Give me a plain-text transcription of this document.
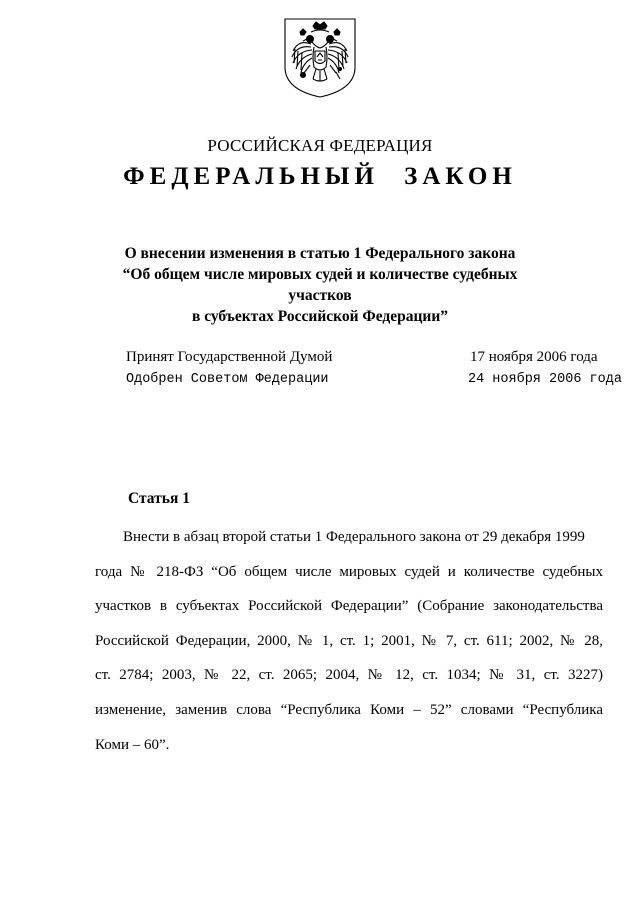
РОССИЙСКАЯ ФЕДЕРАЦИЯ
ФЕДЕРАЛЬНЫЙ ЗАКОН
О внесении изменения в статью 1 Федерального закона
“Об общем числе мировых судей и количестве судебных участков
в субъектах Российской Федерации”
Принят Государственной Думой	17 ноября 2006 года
Одобрен Советом Федерации	24 ноября 2006 года
Статья 1
Внести в абзац второй статьи 1 Федерального закона от 29 декабря 1999
года № 218-ФЗ “Об общем числе мировых судей и количестве судебных
участков в субъектах Российской Федерации” (Собрание законодательства
Российской Федерации, 2000, № 1, ст. 1; 2001, № 7, ст. 611; 2002, № 28,
ст. 2784; 2003, № 22, ст. 2065; 2004, № 12, ст. 1034; № 31, ст. 3227)
изменение, заменив слова “Республика Коми – 52” словами “Республика
Коми – 60”.
